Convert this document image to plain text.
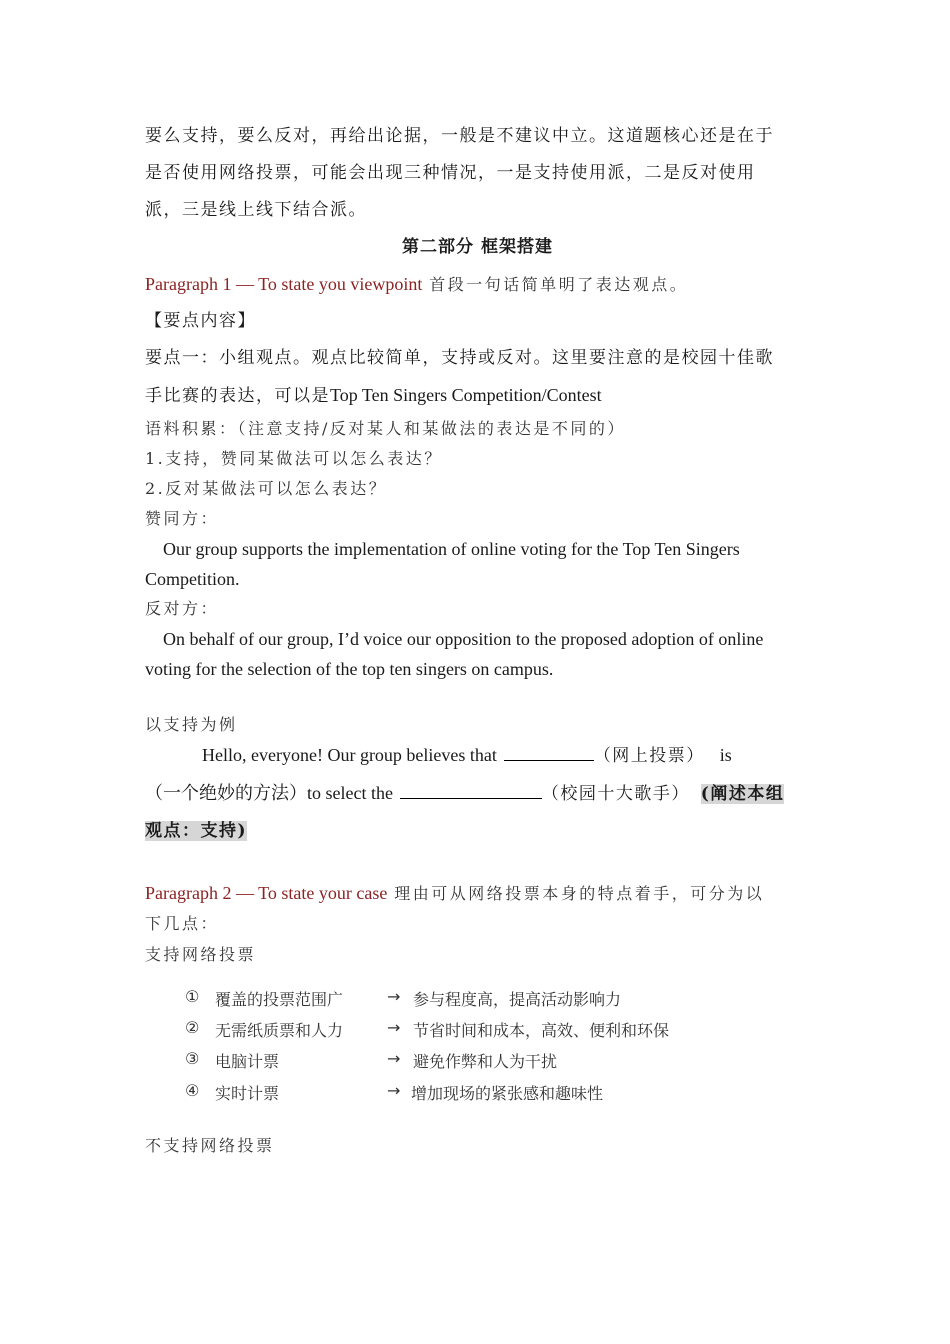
要么支持，要么反对，再给出论据，一般是不建议中立。这道题核心还是在于

是否使用网络投票，可能会出现三种情况，一是支持使用派，二是反对使用

派，三是线上线下结合派。

第二部分 框架搭建

Paragraph 1 — To state you viewpoint 首段一句话简单明了表达观点。

【要点内容】

要点一：小组观点。观点比较简单，支持或反对。这里要注意的是校园十佳歌

手比赛的表达，可以是Top Ten Singers Competition/Contest

语料积累：（注意支持/反对某人和某做法的表达是不同的）

1.支持，赞同某做法可以怎么表达？

2.反对某做法可以怎么表达？

赞同方：

Our group supports the implementation of online voting for the Top Ten Singers

Competition.

反对方：

On behalf of our group, I’d voice our opposition to the proposed adoption of online

voting for the selection of the top ten singers on campus.

以支持为例

Hello, everyone! Our group believes that	（网上投票） is

（一个绝妙的方法）to select the	（校园十大歌手） (阐述本组

观点：支持)

Paragraph 2 — To state your case 理由可从网络投票本身的特点着手，可分为以

下几点：

支持网络投票

① 覆盖的投票范围广	→ 参与程度高，提高活动影响力
② 无需纸质票和人力	→ 节省时间和成本，高效、便利和环保
③ 电脑计票	→ 避免作弊和人为干扰
④ 实时计票	→ 增加现场的紧张感和趣味性

不支持网络投票
